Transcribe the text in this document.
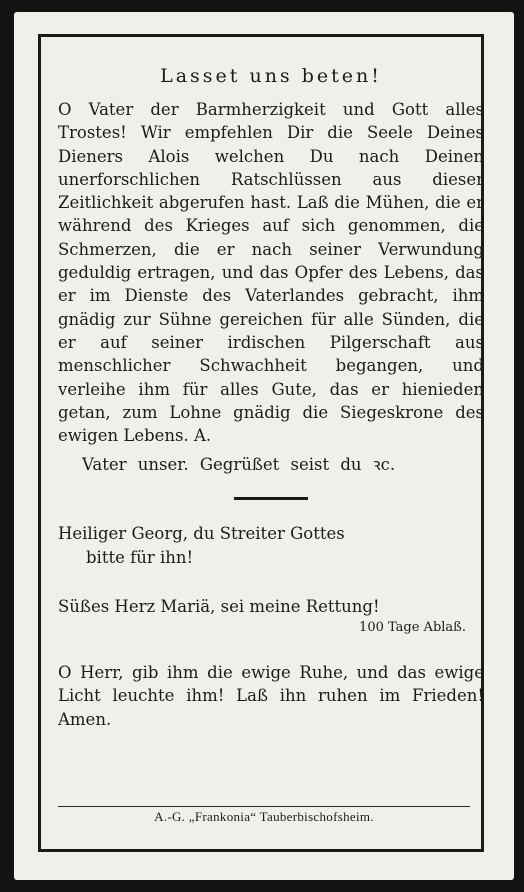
Lasset uns beten!

O Vater der Barmherzigkeit und Gott alles Trostes! Wir empfehlen Dir die Seele Deines Dieners Alois welchen Du nach Deinen unerforschlichen Ratschlüssen aus dieser Zeitlichkeit abgerufen hast. Laß die Mühen, die er während des Krieges auf sich genommen, die Schmerzen, die er nach seiner Verwundung geduldig ertragen, und das Opfer des Lebens, das er im Dienste des Vaterlandes gebracht, ihm gnädig zur Sühne gereichen für alle Sünden, die er auf seiner irdischen Pilgerschaft aus menschlicher Schwachheit begangen, und verleihe ihm für alles Gute, das er hienieden getan, zum Lohne gnädig die Siegeskrone des ewigen Lebens. A.

Vater unser. Gegrüßet seist du ꝛc.

Heiliger Georg, du Streiter Gottes
bitte für ihn!

Süßes Herz Mariä, sei meine Rettung!

100 Tage Ablaß.

O Herr, gib ihm die ewige Ruhe, und das ewige Licht leuchte ihm! Laß ihn ruhen im Frieden! Amen.

A.-G. „Frankonia“ Tauberbischofsheim.
